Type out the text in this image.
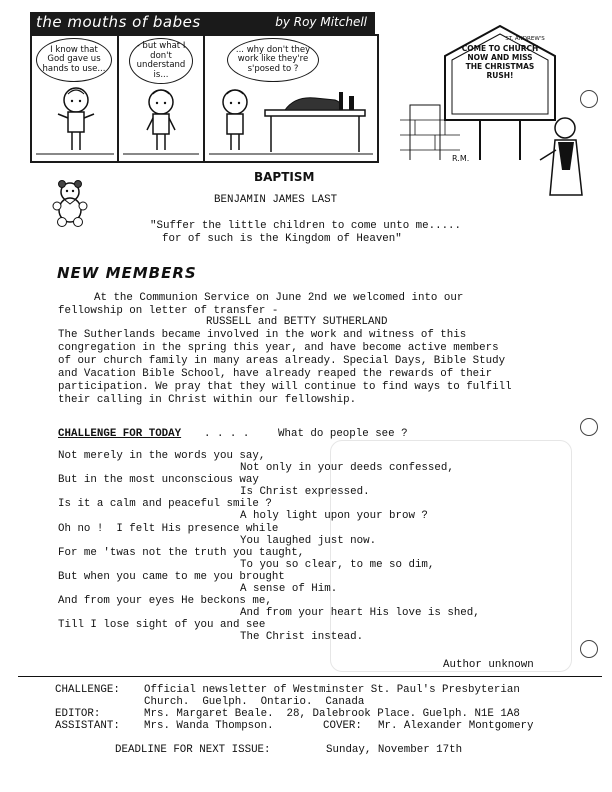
the mouths of babes	by Roy Mitchell
I know that God gave us hands to use...
- but what I don't understand is...
... why don't they work like they're s'posed to ?
ST. ANDREW'S
COME TO CHURCH NOW AND MISS THE CHRISTMAS RUSH!
R.M.
BAPTISM
BENJAMIN JAMES LAST
"Suffer the little children to come unto me.....
for of such is the Kingdom of Heaven"
NEW MEMBERS
At the Communion Service on June 2nd we welcomed into our
fellowship on letter of transfer -
RUSSELL and BETTY SUTHERLAND
The Sutherlands became involved in the work and witness of this
congregation in the spring this year, and have become active members
of our church family in many areas already. Special Days, Bible Study
and Vacation Bible School, have already reaped the rewards of their
participation. We pray that they will continue to find ways to fulfill
their calling in Christ within our fellowship.
CHALLENGE FOR TODAY . . . .	What do people see ?
Not merely in the words you say,
Not only in your deeds confessed,
But in the most unconscious way
Is Christ expressed.
Is it a calm and peaceful smile ?
A holy light upon your brow ?
Oh no !  I felt His presence while
You laughed just now.
For me 'twas not the truth you taught,
To you so clear, to me so dim,
But when you came to me you brought
A sense of Him.
And from your eyes He beckons me,
And from your heart His love is shed,
Till I lose sight of you and see
The Christ instead.
Author unknown
CHALLENGE: Official newsletter of Westminster St. Paul's Presbyterian
Church.  Guelph.  Ontario.  Canada
EDITOR:	Mrs. Margaret Beale.  28, Dalebrook Place. Guelph. N1E 1A8
ASSISTANT: Mrs. Wanda Thompson.	COVER: Mr. Alexander Montgomery
DEADLINE FOR NEXT ISSUE:	Sunday, November 17th
